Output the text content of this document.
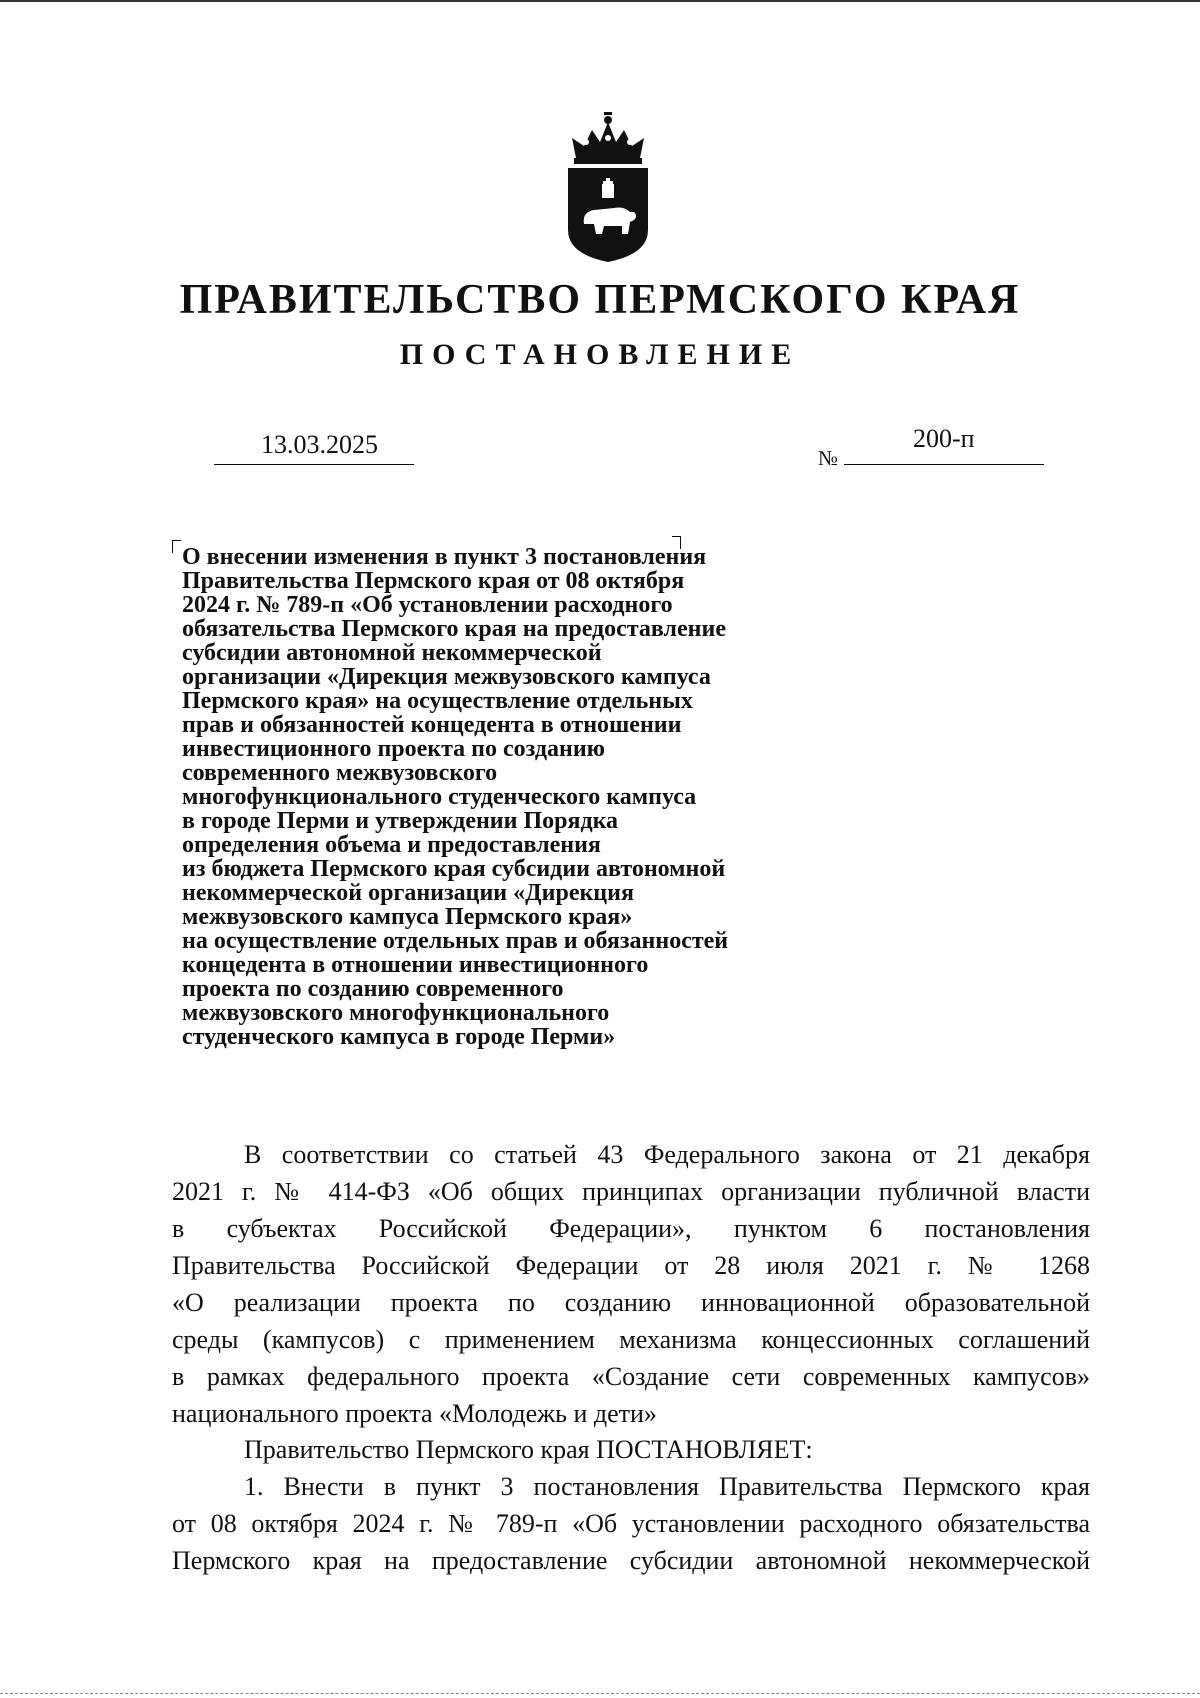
ПРАВИТЕЛЬСТВО ПЕРМСКОГО КРАЯ
ПОСТАНОВЛЕНИЕ
13.03.2025	№
200-п
О внесении изменения в пункт 3 постановления
Правительства Пермского края от 08 октября
2024 г. № 789-п «Об установлении расходного
обязательства Пермского края на предоставление
субсидии автономной некоммерческой
организации «Дирекция межвузовского кампуса
Пермского края» на осуществление отдельных
прав и обязанностей концедента в отношении
инвестиционного проекта по созданию
современного межвузовского
многофункционального студенческого кампуса
в городе Перми и утверждении Порядка
определения объема и предоставления
из бюджета Пермского края субсидии автономной
некоммерческой организации «Дирекция
межвузовского кампуса Пермского края»
на осуществление отдельных прав и обязанностей
концедента в отношении инвестиционного
проекта по созданию современного
межвузовского многофункционального
студенческого кампуса в городе Перми»
В соответствии со статьей 43 Федерального закона от 21 декабря
2021 г. № 414-ФЗ «Об общих принципах организации публичной власти
в субъектах Российской Федерации», пунктом 6 постановления
Правительства Российской Федерации от 28 июля 2021 г. № 1268
«О реализации проекта по созданию инновационной образовательной
среды (кампусов) с применением механизма концессионных соглашений
в рамках федерального проекта «Создание сети современных кампусов»
национального проекта «Молодежь и дети»
Правительство Пермского края ПОСТАНОВЛЯЕТ:
1. Внести в пункт 3 постановления Правительства Пермского края
от 08 октября 2024 г. № 789-п «Об установлении расходного обязательства
Пермского края на предоставление субсидии автономной некоммерческой
